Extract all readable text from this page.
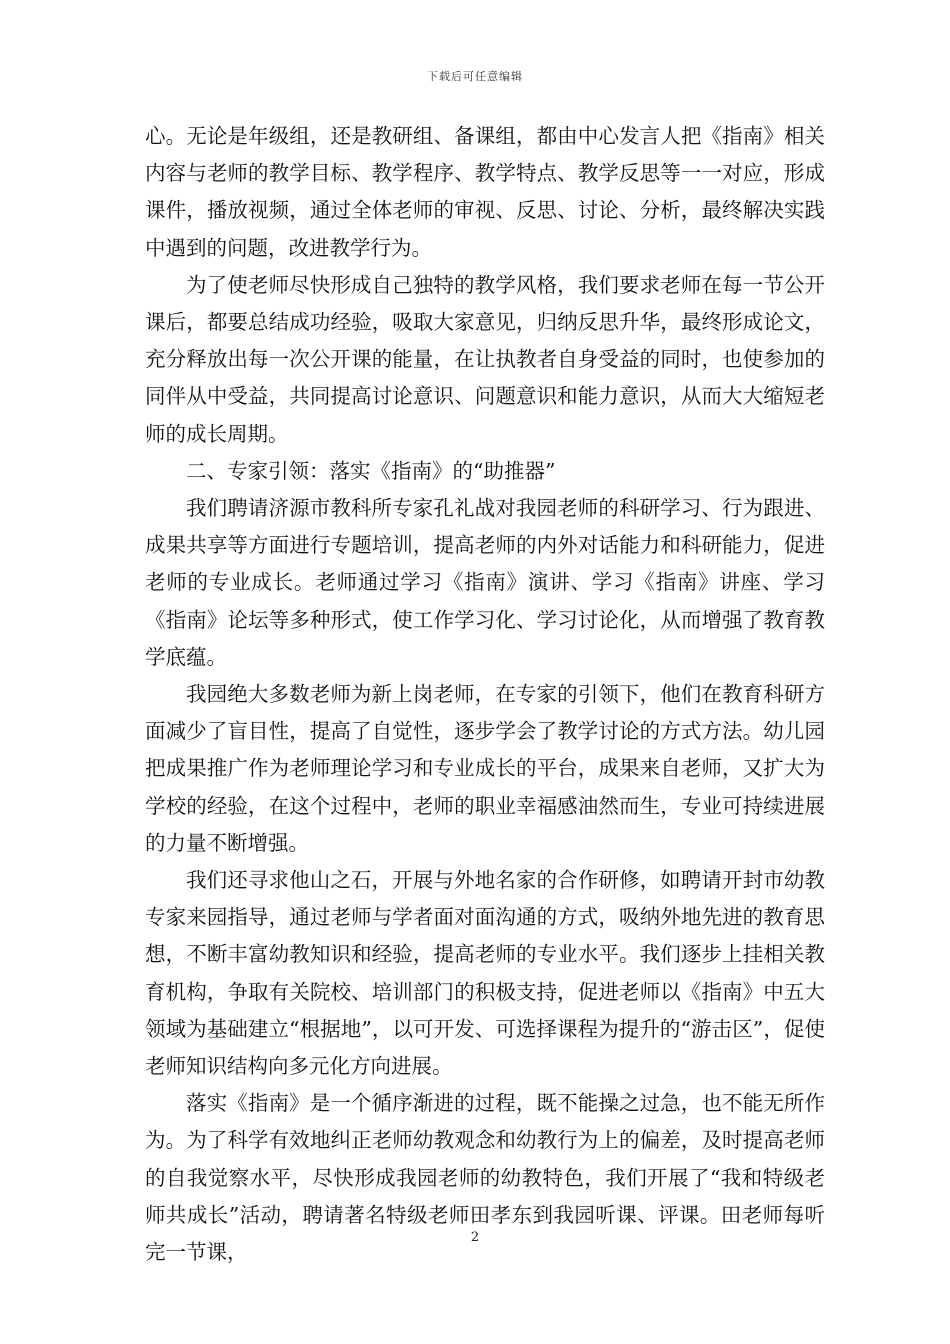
下载后可任意编辑

心。无论是年级组，还是教研组、备课组，都由中心发言人把《指南》相关内容与老师的教学目标、教学程序、教学特点、教学反思等一一对应，形成课件，播放视频，通过全体老师的审视、反思、讨论、分析，最终解决实践中遇到的问题，改进教学行为。

为了使老师尽快形成自己独特的教学风格，我们要求老师在每一节公开课后，都要总结成功经验，吸取大家意见，归纳反思升华，最终形成论文，充分释放出每一次公开课的能量，在让执教者自身受益的同时，也使参加的同伴从中受益，共同提高讨论意识、问题意识和能力意识，从而大大缩短老师的成长周期。

二、专家引领：落实《指南》的“助推器”

我们聘请济源市教科所专家孔礼战对我园老师的科研学习、行为跟进、成果共享等方面进行专题培训，提高老师的内外对话能力和科研能力，促进老师的专业成长。老师通过学习《指南》演讲、学习《指南》讲座、学习《指南》论坛等多种形式，使工作学习化、学习讨论化，从而增强了教育教学底蕴。

我园绝大多数老师为新上岗老师，在专家的引领下，他们在教育科研方面减少了盲目性，提高了自觉性，逐步学会了教学讨论的方式方法。幼儿园把成果推广作为老师理论学习和专业成长的平台，成果来自老师，又扩大为学校的经验，在这个过程中，老师的职业幸福感油然而生，专业可持续进展的力量不断增强。

我们还寻求他山之石，开展与外地名家的合作研修，如聘请开封市幼教专家来园指导，通过老师与学者面对面沟通的方式，吸纳外地先进的教育思想，不断丰富幼教知识和经验，提高老师的专业水平。我们逐步上挂相关教育机构，争取有关院校、培训部门的积极支持，促进老师以《指南》中五大领域为基础建立“根据地”，以可开发、可选择课程为提升的“游击区”，促使老师知识结构向多元化方向进展。

落实《指南》是一个循序渐进的过程，既不能操之过急，也不能无所作为。为了科学有效地纠正老师幼教观念和幼教行为上的偏差，及时提高老师的自我觉察水平，尽快形成我园老师的幼教特色，我们开展了“我和特级老师共成长”活动，聘请著名特级老师田孝东到我园听课、评课。田老师每听完一节课，

2
